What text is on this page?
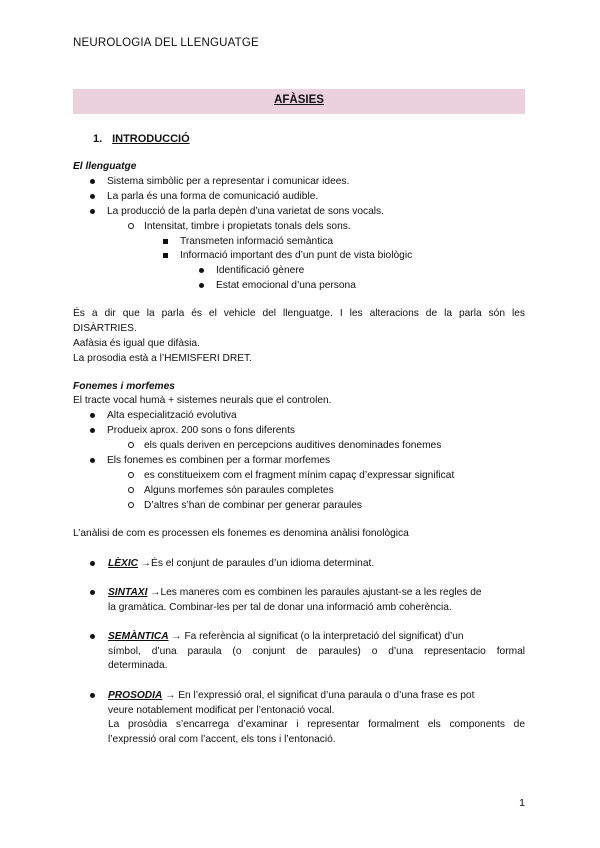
NEUROLOGIA DEL LLENGUATGE
AFÀSIES
1. INTRODUCCIÓ
El llenguatge
Sistema simbòlic per a representar i comunicar idees.
La parla és una forma de comunicació audible.
La producció de la parla depèn d’una varietat de sons vocals.
Intensitat, timbre i propietats tonals dels sons.
Transmeten informació semàntica
Informació important des d’un punt de vista biològic
Identificació gènere
Estat emocional d’una persona
És a dir que la parla és el vehicle del llenguatge. I les alteracions de la parla són les
DISÀRTRIES.
Aafàsia és igual que difàsia.
La prosodia està a l’HEMISFERI DRET.
Fonemes i morfemes
El tracte vocal humà + sistemes neurals que el controlen.
Alta especialització evolutiva
Produeix aprox. 200 sons o fons diferents
els quals deriven en percepcions auditives denominades fonemes
Els fonemes es combinen per a formar morfemes
es constitueixem com el fragment mínim capaç d’expressar significat
Alguns morfemes són paraules completes
D’altres s’han de combinar per generar paraules
L’anàlisi de com es processen els fonemes es denomina anàlisi fonològica
LÈXIC →És el conjunt de paraules d’un idioma determinat.
SINTAXI →Les maneres com es combinen les paraules ajustant-se a les regles de
la gramàtica. Combinar-les per tal de donar una informació amb coherència.
SEMÀNTICA → Fa referència al significat (o la interpretació del significat) d’un
símbol, d’una paraula (o conjunt de paraules) o d’una representacio formal
determinada.
PROSODIA → En l’expressió oral, el significat d’una paraula o d’una frase es pot
veure notablement modificat per l’entonació vocal.
La prosòdia s’encarrega d’examinar i representar formalment els components de
l’expressió oral com l’accent, els tons i l’entonació.
1
